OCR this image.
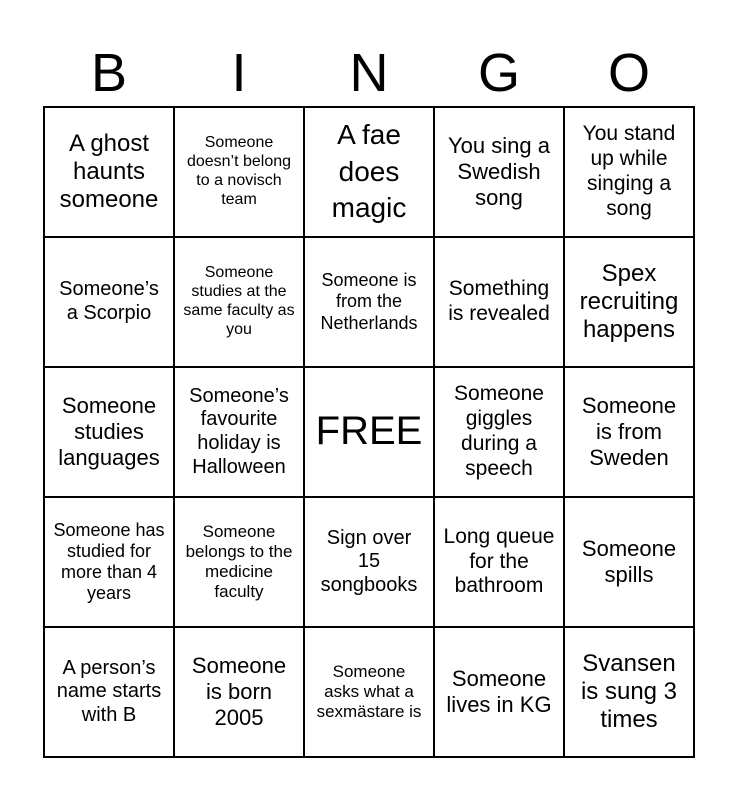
B	I	N	G	O
A ghost haunts someone
Someone doesn’t belong to a novisch team
A fae does magic
You sing a Swedish song
You stand up while singing a song
Someone’s a Scorpio
Someone studies at the same faculty as you
Someone is from the Netherlands
Something is revealed
Spex recruiting happens
Someone studies languages
Someone’s favourite holiday is Halloween
FREE
Someone giggles during a speech
Someone is from Sweden
Someone has studied for more than 4 years
Someone belongs to the medicine faculty
Sign over 15 songbooks
Long queue for the bathroom
Someone spills
A person’s name starts with B
Someone is born 2005
Someone asks what a sexmästare is
Someone lives in KG
Svansen is sung 3 times
